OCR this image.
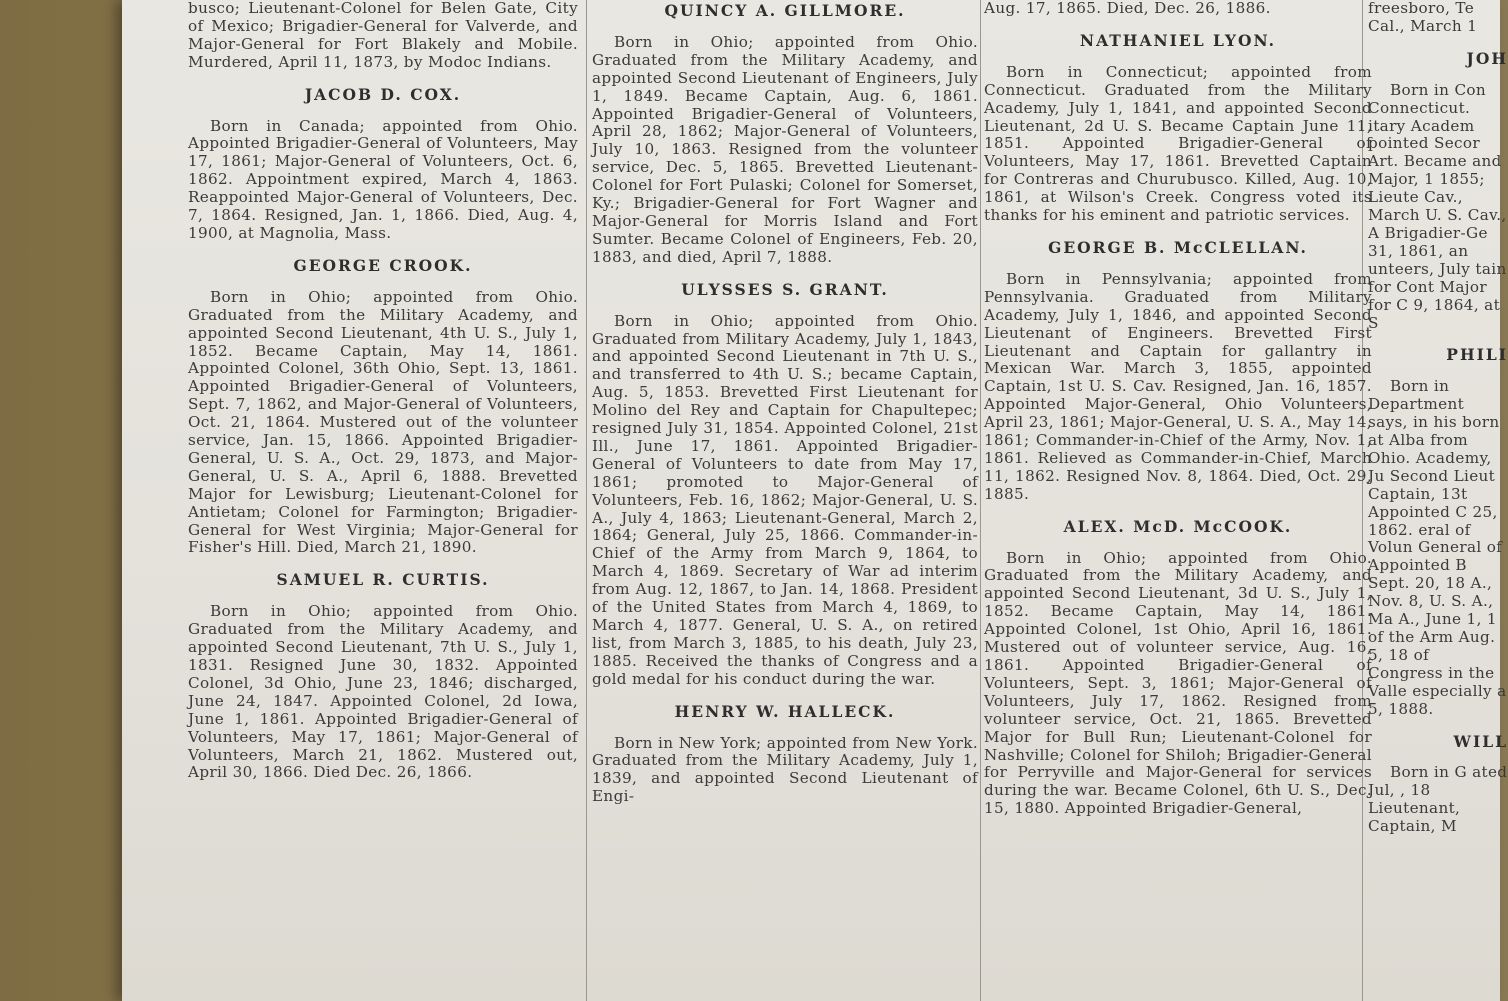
busco; Lieutenant-Colonel for Belen Gate, City of Mexico; Brigadier-General for Valverde, and Major-General for Fort Blakely and Mobile. Murdered, April 11, 1873, by Modoc Indians.

JACOB D. COX.

Born in Canada; appointed from Ohio. Appointed Brigadier-General of Volunteers, May 17, 1861; Major-General of Volunteers, Oct. 6, 1862. Appointment expired, March 4, 1863. Reappointed Major-General of Volunteers, Dec. 7, 1864. Resigned, Jan. 1, 1866. Died, Aug. 4, 1900, at Magnolia, Mass.

GEORGE CROOK.

Born in Ohio; appointed from Ohio. Graduated from the Military Academy, and appointed Second Lieutenant, 4th U. S., July 1, 1852. Became Captain, May 14, 1861. Appointed Colonel, 36th Ohio, Sept. 13, 1861. Appointed Brigadier-General of Volunteers, Sept. 7, 1862, and Major-General of Volunteers, Oct. 21, 1864. Mustered out of the volunteer service, Jan. 15, 1866. Appointed Brigadier-General, U. S. A., Oct. 29, 1873, and Major-General, U. S. A., April 6, 1888. Brevetted Major for Lewisburg; Lieutenant-Colonel for Antietam; Colonel for Farmington; Brigadier-General for West Virginia; Major-General for Fisher's Hill. Died, March 21, 1890.

SAMUEL R. CURTIS.

Born in Ohio; appointed from Ohio. Graduated from the Military Academy, and appointed Second Lieutenant, 7th U. S., July 1, 1831. Resigned June 30, 1832. Appointed Colonel, 3d Ohio, June 23, 1846; discharged, June 24, 1847. Appointed Colonel, 2d Iowa, June 1, 1861. Appointed Brigadier-General of Volunteers, May 17, 1861; Major-General of Volunteers, March 21, 1862. Mustered out, April 30, 1866. Died Dec. 26, 1866.

QUINCY A. GILLMORE.

Born in Ohio; appointed from Ohio. Graduated from the Military Academy, and appointed Second Lieutenant of Engineers, July 1, 1849. Became Captain, Aug. 6, 1861. Appointed Brigadier-General of Volunteers, April 28, 1862; Major-General of Volunteers, July 10, 1863. Resigned from the volunteer service, Dec. 5, 1865. Brevetted Lieutenant-Colonel for Fort Pulaski; Colonel for Somerset, Ky.; Brigadier-General for Fort Wagner and Major-General for Morris Island and Fort Sumter. Became Colonel of Engineers, Feb. 20, 1883, and died, April 7, 1888.

ULYSSES S. GRANT.

Born in Ohio; appointed from Ohio. Graduated from Military Academy, July 1, 1843, and appointed Second Lieutenant in 7th U. S., and transferred to 4th U. S.; became Captain, Aug. 5, 1853. Brevetted First Lieutenant for Molino del Rey and Captain for Chapultepec; resigned July 31, 1854. Appointed Colonel, 21st Ill., June 17, 1861. Appointed Brigadier-General of Volunteers to date from May 17, 1861; promoted to Major-General of Volunteers, Feb. 16, 1862; Major-General, U. S. A., July 4, 1863; Lieutenant-General, March 2, 1864; General, July 25, 1866. Commander-in-Chief of the Army from March 9, 1864, to March 4, 1869. Secretary of War ad interim from Aug. 12, 1867, to Jan. 14, 1868. President of the United States from March 4, 1869, to March 4, 1877. General, U. S. A., on retired list, from March 3, 1885, to his death, July 23, 1885. Received the thanks of Congress and a gold medal for his conduct during the war.

HENRY W. HALLECK.

Born in New York; appointed from New York. Graduated from the Military Academy, July 1, 1839, and appointed Second Lieutenant of Engi-

Aug. 17, 1865. Died, Dec. 26, 1886.

NATHANIEL LYON.

Born in Connecticut; appointed from Connecticut. Graduated from the Military Academy, July 1, 1841, and appointed Second Lieutenant, 2d U. S. Became Captain June 11, 1851. Appointed Brigadier-General of Volunteers, May 17, 1861. Brevetted Captain for Contreras and Churubusco. Killed, Aug. 10, 1861, at Wilson's Creek. Congress voted its thanks for his eminent and patriotic services.

GEORGE B. McCLELLAN.

Born in Pennsylvania; appointed from Pennsylvania. Graduated from Military Academy, July 1, 1846, and appointed Second Lieutenant of Engineers. Brevetted First Lieutenant and Captain for gallantry in Mexican War. March 3, 1855, appointed Captain, 1st U. S. Cav. Resigned, Jan. 16, 1857. Appointed Major-General, Ohio Volunteers, April 23, 1861; Major-General, U. S. A., May 14, 1861; Commander-in-Chief of the Army, Nov. 1, 1861. Relieved as Commander-in-Chief, March 11, 1862. Resigned Nov. 8, 1864. Died, Oct. 29, 1885.

ALEX. McD. McCOOK.

Born in Ohio; appointed from Ohio. Graduated from the Military Academy, and appointed Second Lieutenant, 3d U. S., July 1, 1852. Became Captain, May 14, 1861. Appointed Colonel, 1st Ohio, April 16, 1861. Mustered out of volunteer service, Aug. 16, 1861. Appointed Brigadier-General of Volunteers, Sept. 3, 1861; Major-General of Volunteers, July 17, 1862. Resigned from volunteer service, Oct. 21, 1865. Brevetted Major for Bull Run; Lieutenant-Colonel for Nashville; Colonel for Shiloh; Brigadier-General for Perryville and Major-General for services during the war. Became Colonel, 6th U. S., Dec. 15, 1880. Appointed Brigadier-General,

freesboro, Te Cal., March 1

JOH

Born in Con Connecticut. itary Academ pointed Secor Art. Became and Major, 1 1855; Lieute Cav., March U. S. Cav., A Brigadier-Ge 31, 1861, an unteers, July tain for Cont Major for C 9, 1864, at S

PHILI

Born in Department says, in his born at Alba from Ohio. Academy, Ju Second Lieut Captain, 13t Appointed C 25, 1862. eral of Volun General of Appointed B Sept. 20, 18 A., Nov. 8, U. S. A., Ma A., June 1, 1 of the Arm Aug. 5, 18 of Congress in the Valle especially a 5, 1888.

WILL

Born in G ated Jul, , 18 Lieutenant, Captain, M
